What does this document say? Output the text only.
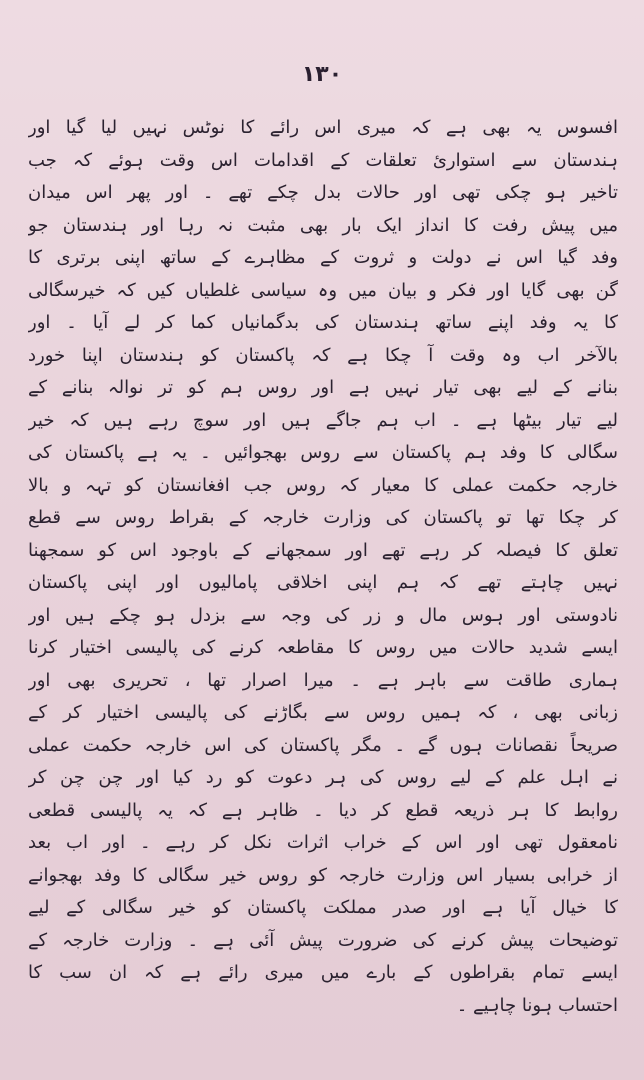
۱۳۰
افسوس یہ بھی ہے کہ میری اس رائے کا نوٹس نہیں لیا گیا اور
ہندستان سے استواریٔ تعلقات کے اقدامات اس وقت ہوئے کہ جب
تاخیر ہو چکی تھی اور حالات بدل چکے تھے ۔ اور پھر اس میدان
میں پیش رفت کا انداز ایک بار بھی مثبت نہ رہا اور ہندستان جو
وفد گیا اس نے دولت و ثروت کے مظاہرے کے ساتھ اپنی برتری کا
گن بھی گایا اور فکر و بیان میں وہ سیاسی غلطیاں کیں کہ خیرسگالی
کا یہ وفد اپنے ساتھ ہندستان کی بدگمانیاں کما کر لے آیا ۔ اور
بالآخر اب وہ وقت آ چکا ہے کہ پاکستان کو ہندستان اپنا خورد
بنانے کے لیے بھی تیار نہیں ہے اور روس ہم کو تر نوالہ بنانے کے
لیے تیار بیٹھا ہے ۔ اب ہم جاگے ہیں اور سوچ رہے ہیں کہ خیر
سگالی کا وفد ہم پاکستان سے روس بھجوائیں ۔ یہ ہے پاکستان کی
خارجہ حکمت عملی کا معیار کہ روس جب افغانستان کو تہہ و بالا
کر چکا تھا تو پاکستان کی وزارت خارجہ کے بقراط روس سے قطع
تعلق کا فیصلہ کر رہے تھے اور سمجھانے کے باوجود اس کو سمجھنا
نہیں چاہتے تھے کہ ہم اپنی اخلاقی پامالیوں اور اپنی پاکستان
نادوستی اور ہوس مال و زر کی وجہ سے بزدل ہو چکے ہیں اور
ایسے شدید حالات میں روس کا مقاطعہ کرنے کی پالیسی اختیار کرنا
ہماری طاقت سے باہر ہے ۔ میرا اصرار تھا ، تحریری بھی اور
زبانی بھی ، کہ ہمیں روس سے بگاڑنے کی پالیسی اختیار کر کے
صریحاً نقصانات ہوں گے ۔ مگر پاکستان کی اس خارجہ حکمت عملی
نے اہل علم کے لیے روس کی ہر دعوت کو رد کیا اور چن چن کر
روابط کا ہر ذریعہ قطع کر دیا ۔ ظاہر ہے کہ یہ پالیسی قطعی
نامعقول تھی اور اس کے خراب اثرات نکل کر رہے ۔ اور اب بعد
از خرابی بسیار اس وزارت خارجہ کو روس خیر سگالی کا وفد بھجوانے
کا خیال آیا ہے اور صدر مملکت پاکستان کو خیر سگالی کے لیے
توضیحات پیش کرنے کی ضرورت پیش آئی ہے ۔ وزارت خارجہ کے
ایسے تمام بقراطوں کے بارے میں میری رائے ہے کہ ان سب کا
احتساب ہونا چاہیے ۔
